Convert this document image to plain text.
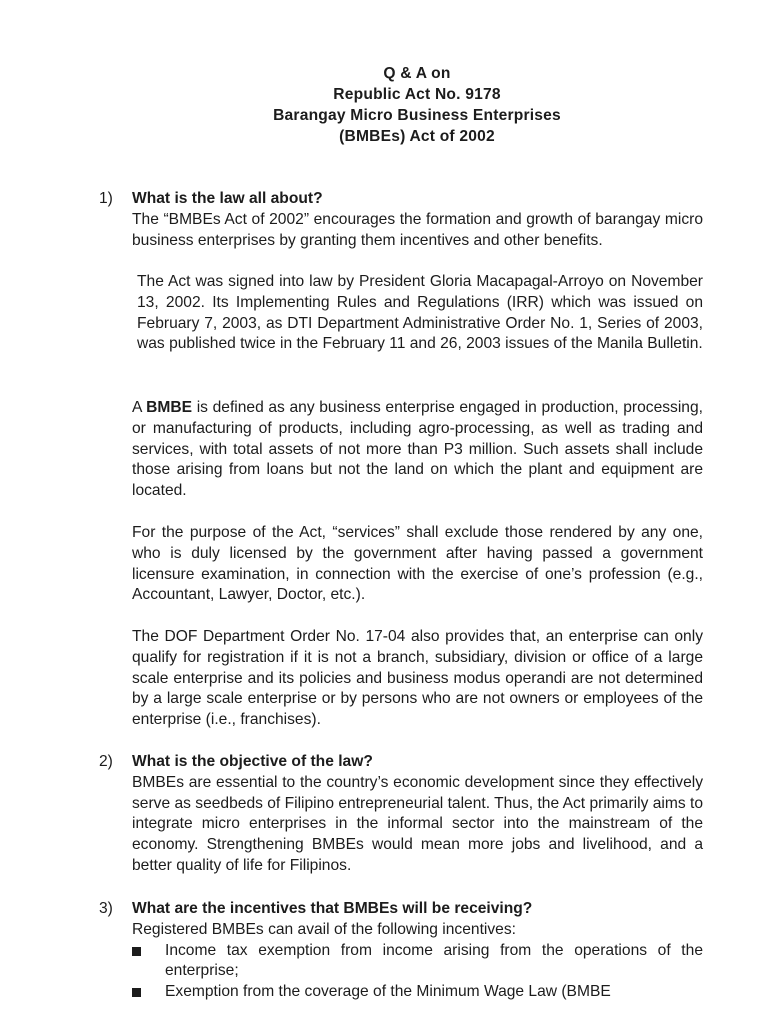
Q & A on
Republic Act No. 9178
Barangay Micro Business Enterprises
(BMBEs) Act of 2002
1) What is the law all about?

The “BMBEs Act of 2002” encourages the formation and growth of barangay micro business enterprises by granting them incentives and other benefits.

The Act was signed into law by President Gloria Macapagal-Arroyo on November 13, 2002. Its Implementing Rules and Regulations (IRR) which was issued on February 7, 2003, as DTI Department Administrative Order No. 1, Series of 2003, was published twice in the February 11 and 26, 2003 issues of the Manila Bulletin.
A BMBE is defined as any business enterprise engaged in production, processing, or manufacturing of products, including agro-processing, as well as trading and services, with total assets of not more than P3 million. Such assets shall include those arising from loans but not the land on which the plant and equipment are located.
For the purpose of the Act, “services” shall exclude those rendered by any one, who is duly licensed by the government after having passed a government licensure examination, in connection with the exercise of one’s profession (e.g., Accountant, Lawyer, Doctor, etc.).
The DOF Department Order No. 17-04 also provides that, an enterprise can only qualify for registration if it is not a branch, subsidiary, division or office of a large scale enterprise and its policies and business modus operandi are not determined by a large scale enterprise or by persons who are not owners or employees of the enterprise (i.e., franchises).
2) What is the objective of the law?

BMBEs are essential to the country’s economic development since they effectively serve as seedbeds of Filipino entrepreneurial talent. Thus, the Act primarily aims to integrate micro enterprises in the informal sector into the mainstream of the economy. Strengthening BMBEs would mean more jobs and livelihood, and a better quality of life for Filipinos.

3) What are the incentives that BMBEs will be receiving?
Registered BMBEs can avail of the following incentives:
Income tax exemption from income arising from the operations of the enterprise;
Exemption from the coverage of the Minimum Wage Law (BMBE
